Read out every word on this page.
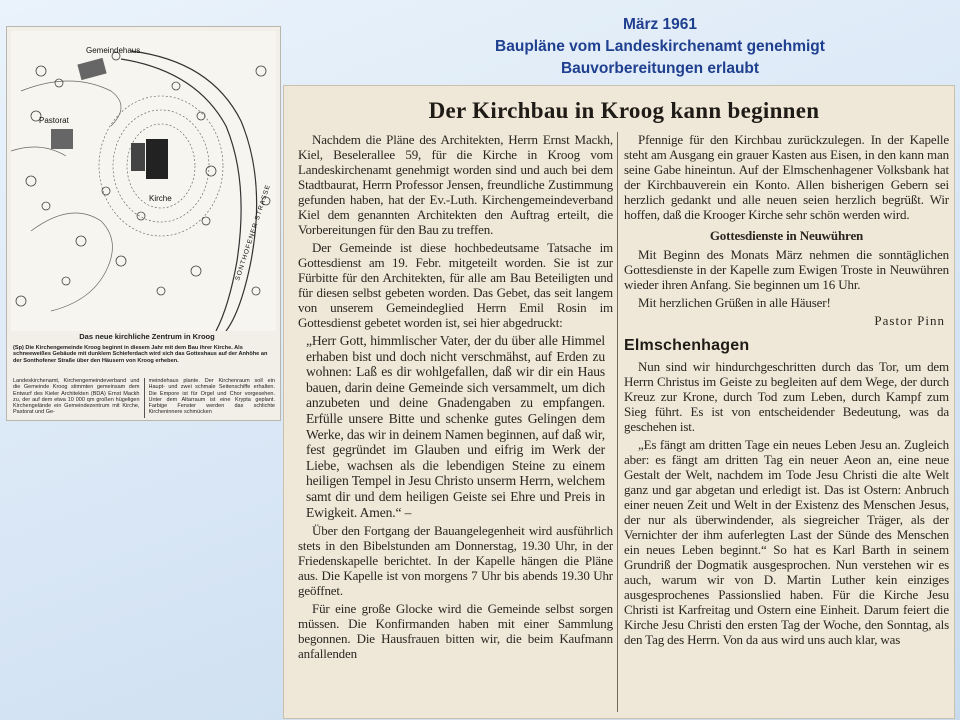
März 1961
Baupläne vom Landeskirchenamt genehmigt
Bauvorbereitungen erlaubt
Gemeindehaus
Pastorat
Kirche	SONTHOFENER STRASSE
Das neue kirchliche Zentrum in Kroog
(Sp) Die Kirchengemeinde Kroog beginnt in diesem Jahr mit dem Bau ihrer Kirche. Als schneeweißes Gebäude mit dunklem Schieferdach wird sich das Gotteshaus auf der Anhöhe an der Sonthofener Straße über den Häusern von Kroog erheben.
Landeskirchenamt, Kirchengemeindeverband und die Gemeinde Kroog stimmten gemeinsam dem Entwurf des Kieler Architekten (BDA) Ernst Mackh zu, der auf dem etwa 10 000 qm großen hügeligen Kirchengelände ein Gemeindezentrum mit Kirche, Pastorat und Ge-
meindehaus plante. Der Kirchenraum soll ein Haupt- und zwei schmale Seitenschiffe erhalten. Die Empore ist für Orgel und Chor vorgesehen. Unter dem Altarraum ist eine Krypta geplant. Farbige Fenster werden das schlichte Kircheninnere schmücken
Der Kirchbau in Kroog kann beginnen

Nachdem die Pläne des Architekten, Herrn Ernst Mackh, Kiel, Beselerallee 59, für die Kirche in Kroog vom Landeskirchenamt genehmigt worden sind und auch bei dem Stadtbaurat, Herrn Professor Jensen, freundliche Zustimmung gefunden haben, hat der Ev.-Luth. Kirchengemeindeverband Kiel dem genannten Architekten den Auftrag erteilt, die Vorbereitungen für den Bau zu treffen.

Der Gemeinde ist diese hochbedeutsame Tatsache im Gottesdienst am 19. Febr. mitgeteilt worden. Sie ist zur Fürbitte für den Architekten, für alle am Bau Beteiligten und für diesen selbst gebeten worden. Das Gebet, das seit langem von unserem Gemeindeglied Herrn Emil Rosin im Gottesdienst gebetet worden ist, sei hier abgedruckt:

„Herr Gott, himmlischer Vater, der du über alle Himmel erhaben bist und doch nicht verschmähst, auf Erden zu wohnen: Laß es dir wohlgefallen, daß wir dir ein Haus bauen, darin deine Gemeinde sich versammelt, um dich anzubeten und deine Gnadengaben zu empfangen. Erfülle unsere Bitte und schenke gutes Gelingen dem Werke, das wir in deinem Namen beginnen, auf daß wir, fest gegründet im Glauben und eifrig im Werk der Liebe, wachsen als die lebendigen Steine zu einem heiligen Tempel in Jesu Christo unserm Herrn, welchem samt dir und dem heiligen Geiste sei Ehre und Preis in Ewigkeit. Amen.“ –

Über den Fortgang der Bauangelegenheit wird ausführlich stets in den Bibelstunden am Donnerstag, 19.30 Uhr, in der Friedenskapelle berichtet. In der Kapelle hängen die Pläne aus. Die Kapelle ist von morgens 7 Uhr bis abends 19.30 Uhr geöffnet.

Für eine große Glocke wird die Gemeinde selbst sorgen müssen. Die Konfirmanden haben mit einer Sammlung begonnen. Die Hausfrauen bitten wir, die beim Kaufmann anfallenden

Pfennige für den Kirchbau zurückzulegen. In der Kapelle steht am Ausgang ein grauer Kasten aus Eisen, in den kann man seine Gabe hineintun. Auf der Elmschenhagener Volksbank hat der Kirchbauverein ein Konto. Allen bisherigen Gebern sei herzlich gedankt und alle neuen seien herzlich begrüßt. Wir hoffen, daß die Krooger Kirche sehr schön werden wird.

Gottesdienste in Neuwühren

Mit Beginn des Monats März nehmen die sonntäglichen Gottesdienste in der Kapelle zum Ewigen Troste in Neuwühren wieder ihren Anfang. Sie beginnen um 16 Uhr.

Mit herzlichen Grüßen in alle Häuser!

Pastor Pinn
Elmschenhagen

Nun sind wir hindurchgeschritten durch das Tor, um dem Herrn Christus im Geiste zu begleiten auf dem Wege, der durch Kreuz zur Krone, durch Tod zum Leben, durch Kampf zum Sieg führt. Es ist von entscheidender Bedeutung, was da geschehen ist.

„Es fängt am dritten Tage ein neues Leben Jesu an. Zugleich aber: es fängt am dritten Tag ein neuer Aeon an, eine neue Gestalt der Welt, nachdem im Tode Jesu Christi die alte Welt ganz und gar abgetan und erledigt ist. Das ist Ostern: Anbruch einer neuen Zeit und Welt in der Existenz des Menschen Jesus, der nur als überwindender, als siegreicher Träger, als der Vernichter der ihm auferlegten Last der Sünde des Menschen ein neues Leben beginnt.“ So hat es Karl Barth in seinem Grundriß der Dogmatik ausgesprochen. Nun verstehen wir es auch, warum wir von D. Martin Luther kein einziges ausgesprochenes Passionslied haben. Für die Kirche Jesu Christi ist Karfreitag und Ostern eine Einheit. Darum feiert die Kirche Jesu Christi den ersten Tag der Woche, den Sonntag, als den Tag des Herrn. Von da aus wird uns auch klar, was
